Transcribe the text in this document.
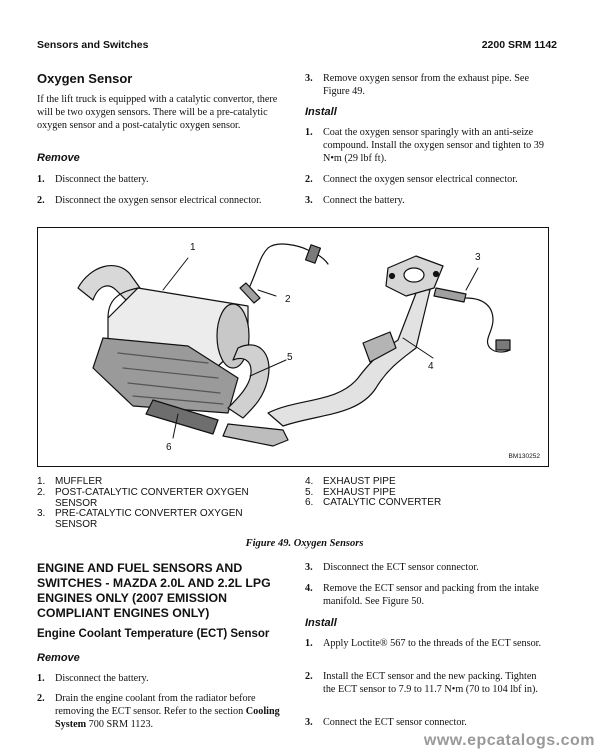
Sensors and Switches	2200 SRM 1142
Oxygen Sensor
If the lift truck is equipped with a catalytic convertor, there will be two oxygen sensors. There will be a pre-catalytic oxygen sensor and a post-catalytic oxygen sensor.
Remove
1. Disconnect the battery.
2. Disconnect the oxygen sensor electrical connector.
3. Remove oxygen sensor from the exhaust pipe. See Figure 49.
Install
1. Coat the oxygen sensor sparingly with an anti-seize compound. Install the oxygen sensor and tighten to 39 N•m (29 lbf ft).
2. Connect the oxygen sensor electrical connector.
3. Connect the battery.
1
2
3
4
5
6
BM130252
1. MUFFLER
2. POST-CATALYTIC CONVERTER OXYGEN SENSOR
3. PRE-CATALYTIC CONVERTER OXYGEN SENSOR
4. EXHAUST PIPE
5. EXHAUST PIPE
6. CATALYTIC CONVERTER
Figure 49. Oxygen Sensors
ENGINE AND FUEL SENSORS AND SWITCHES - MAZDA 2.0L AND 2.2L LPG ENGINES ONLY (2007 EMISSION COMPLIANT ENGINES ONLY)
Engine Coolant Temperature (ECT) Sensor
Remove
1. Disconnect the battery.
2. Drain the engine coolant from the radiator before removing the ECT sensor. Refer to the section Cooling System 700 SRM 1123.
3. Disconnect the ECT sensor connector.
4. Remove the ECT sensor and packing from the intake manifold. See Figure 50.
Install
1. Apply Loctite® 567 to the threads of the ECT sensor.
2. Install the ECT sensor and the new packing. Tighten the ECT sensor to 7.9 to 11.7 N•m (70 to 104 lbf in).
3. Connect the ECT sensor connector.
www.epcatalogs.com
